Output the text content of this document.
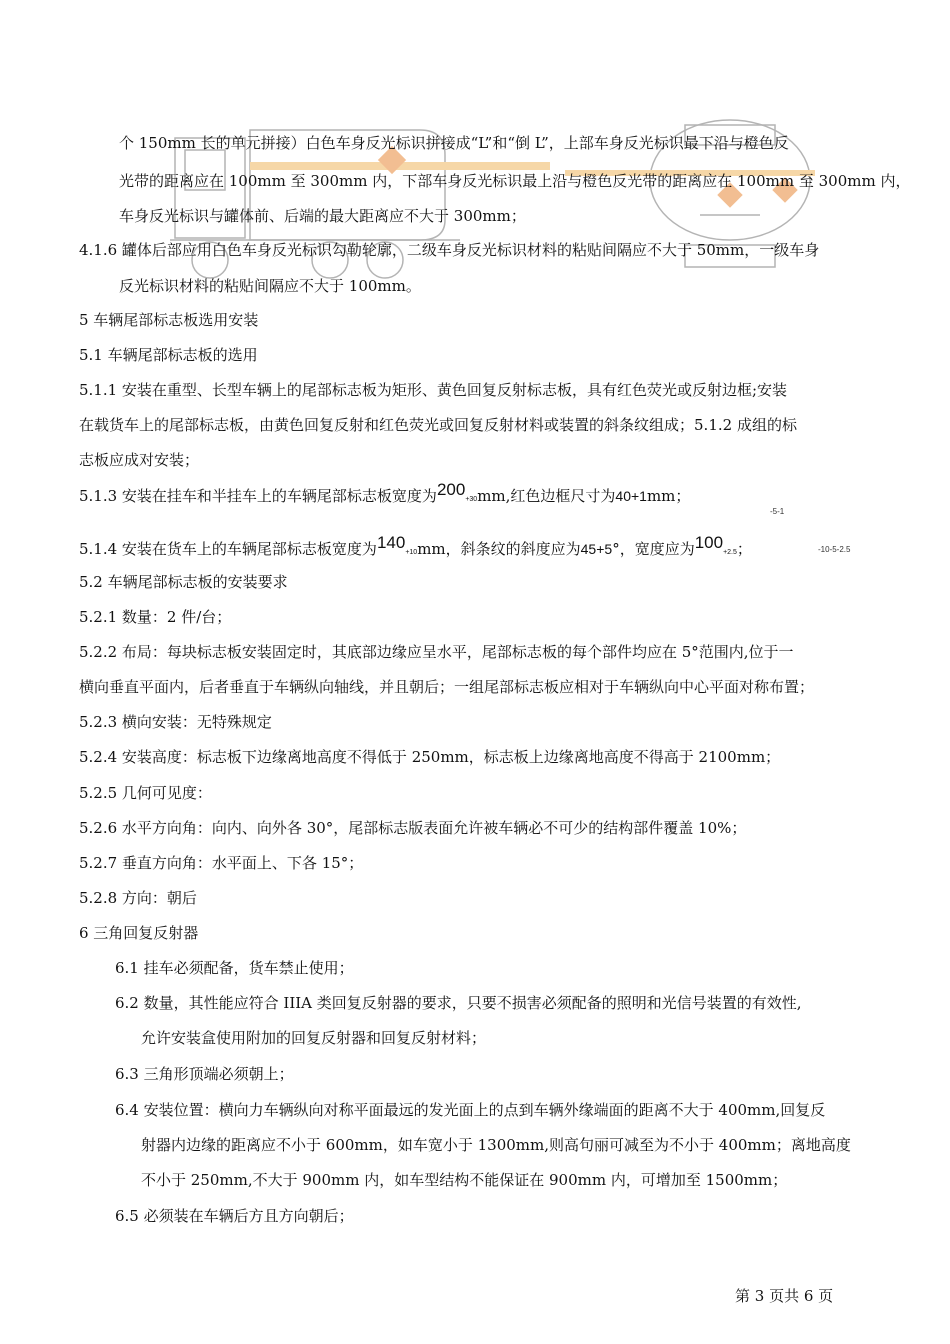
个 150mm 长的单元拼接）白色车身反光标识拼接成“L”和“倒 L”，上部车身反光标识最下沿与橙色反
光带的距离应在 100mm 至 300mm 内，下部车身反光标识最上沿与橙色反光带的距离应在 100mm 至 300mm 内，
车身反光标识与罐体前、后端的最大距离应不大于 300mm；
4.1.6 罐体后部应用白色车身反光标识勾勒轮廓，二级车身反光标识材料的粘贴间隔应不大于 50mm，一级车身
反光标识材料的粘贴间隔应不大于 100mm。
5 车辆尾部标志板选用安装
5.1 车辆尾部标志板的选用
5.1.1 安装在重型、长型车辆上的尾部标志板为矩形、黄色回复反射标志板，具有红色荧光或反射边框;安装
在载货车上的尾部标志板，由黄色回复反射和红色荧光或回复反射材料或装置的斜条纹组成；5.1.2 成组的标
志板应成对安装；
5.1.3 安装在挂车和半挂车上的车辆尾部标志板宽度为200+30mm,红色边框尺寸为40+1mm；
-5-1
5.1.4 安装在货车上的车辆尾部标志板宽度为140+10mm，斜条纹的斜度应为45+5°，宽度应为100+2.5；	-10-5-2.5
5.2 车辆尾部标志板的安装要求
5.2.1 数量：2 件/台；
5.2.2 布局：每块标志板安装固定时，其底部边缘应呈水平，尾部标志板的每个部件均应在 5°范围内,位于一
横向垂直平面内，后者垂直于车辆纵向轴线，并且朝后；一组尾部标志板应相对于车辆纵向中心平面对称布置；
5.2.3 横向安装：无特殊规定
5.2.4 安装高度：标志板下边缘离地高度不得低于 250mm，标志板上边缘离地高度不得高于 2100mm；
5.2.5 几何可见度：
5.2.6 水平方向角：向内、向外各 30°，尾部标志版表面允许被车辆必不可少的结构部件覆盖 10%；
5.2.7 垂直方向角：水平面上、下各 15°；
5.2.8 方向：朝后
6 三角回复反射器
6.1 挂车必须配备，货车禁止使用；
6.2 数量，其性能应符合 IIIA 类回复反射器的要求，只要不损害必须配备的照明和光信号装置的有效性,
允许安装盒使用附加的回复反射器和回复反射材料；
6.3 三角形顶端必须朝上；
6.4 安装位置：横向力车辆纵向对称平面最远的发光面上的点到车辆外缘端面的距离不大于 400mm,回复反
射器内边缘的距离应不小于 600mm，如车宽小于 1300mm,则高句丽可减至为不小于 400mm；离地高度
不小于 250mm,不大于 900mm 内，如车型结构不能保证在 900mm 内，可增加至 1500mm；
6.5 必须装在车辆后方且方向朝后；
第 3 页共 6 页
